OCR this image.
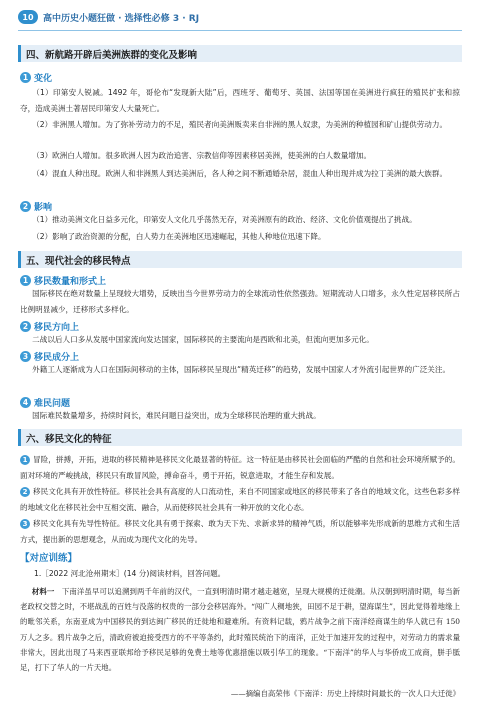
10	高中历史小题狂做 · 选择性必修 3 · RJ
四、新航路开辟后美洲族群的变化及影响
1 变化

（1）印第安人锐减。1492 年，哥伦布“发现新大陆”后，西班牙、葡萄牙、英国、法国等国在美洲进行疯狂的殖民扩张和掠夺，造成美洲土著居民印第安人大量死亡。

（2）非洲黑人增加。为了弥补劳动力的不足，殖民者向美洲贩卖来自非洲的黑人奴隶，为美洲的种植园和矿山提供劳动力。

（3）欧洲白人增加。很多欧洲人因为政治追害、宗教信仰等因素移居美洲，使美洲的白人数量增加。

（4）混血人种出现。欧洲人和非洲黑人到达美洲后，各人种之间不断通婚杂居，混血人种出现并成为拉丁美洲的最大族群。

2 影响

（1）推动美洲文化日益多元化，印第安人文化几乎荡然无存，对美洲原有的政治、经济、文化价值观提出了挑战。

（2）影响了政治资源的分配，白人势力在美洲地区迅速崛起，其他人种地位迅速下降。

五、现代社会的移民特点
1 移民数量和形式上

国际移民在绝对数量上呈现较大增势，反映出当今世界劳动力的全球流动性依然强劲。短期流动人口增多，永久性定居移民所占比例明显减少，迁移形式多样化。

2 移民方向上

二战以后人口多从发展中国家流向发达国家，国际移民的主要流向是西欧和北美，但流向更加多元化。

3 移民成分上

外籍工人逐渐成为人口在国际间移动的主体，国际移民呈现出“精英迁移”的趋势，发展中国家人才外流引起世界的广泛关注。

4 难民问题

国际难民数量增多，持续时间长，难民问题日益突出，成为全球移民治理的重大挑战。

六、移民文化的特征

1 冒险，拼搏，开拓，进取的移民精神是移民文化最显著的特征。这一特征是由移民社会面临的严酷的自然和社会环境所赋予的。面对环境的严峻挑战，移民只有敢冒风险，搏命奋斗，勇于开拓，锐意进取，才能生存和发展。

2 移民文化具有开放性特征。移民社会具有高度的人口流动性，来自不同国家或地区的移民带来了各自的地域文化，这些色彩多样的地域文化在移民社会中互相交流、融合，从而使移民社会具有一种开放的文化心态。

3 移民文化具有先导性特征。移民文化具有勇于探索、敢为天下先、求新求异的精神气质，所以能够率先形成新的思维方式和生活方式，提出新的思想观念，从而成为现代文化的先导。

【对应训练】
1.［2022 河北沧州期末］(14 分)阅读材料，回答问题。

材料一　 下南洋虽早可以追溯到两千年前的汉代，一直到明清时期才越走越宽，呈现大规模的迁徙潮。从汉朝到明清时期，每当新老政权交替之时，不堪战乱的百姓与没落的权贵的一部分会移居海外。“闯广人稠地狭，田园不足于耕，望海谋生”，因此觉得着地缘上的毗邻关系，东南亚成为中国移民的到达闽广移民的迁徙地和避难所。有资料记载，鸦片战争之前下南洋经商谋生的华人就已有 150 万人之多。鸦片战争之后，清政府被迫接受西方的不平等条约，此时殖民统治下的南洋，正处于加速开发的过程中，对劳动力的需求量非常大，因此出现了马来西亚联邦给予移民足够的免费土地等优惠措施以吸引华工的现象。“下南洋”的华人与华侨成工成商，胼手胝足，打下了华人的一片天地。

——摘编自高荣伟《下南洋：历史上持续时间最长的一次人口大迁徙》
